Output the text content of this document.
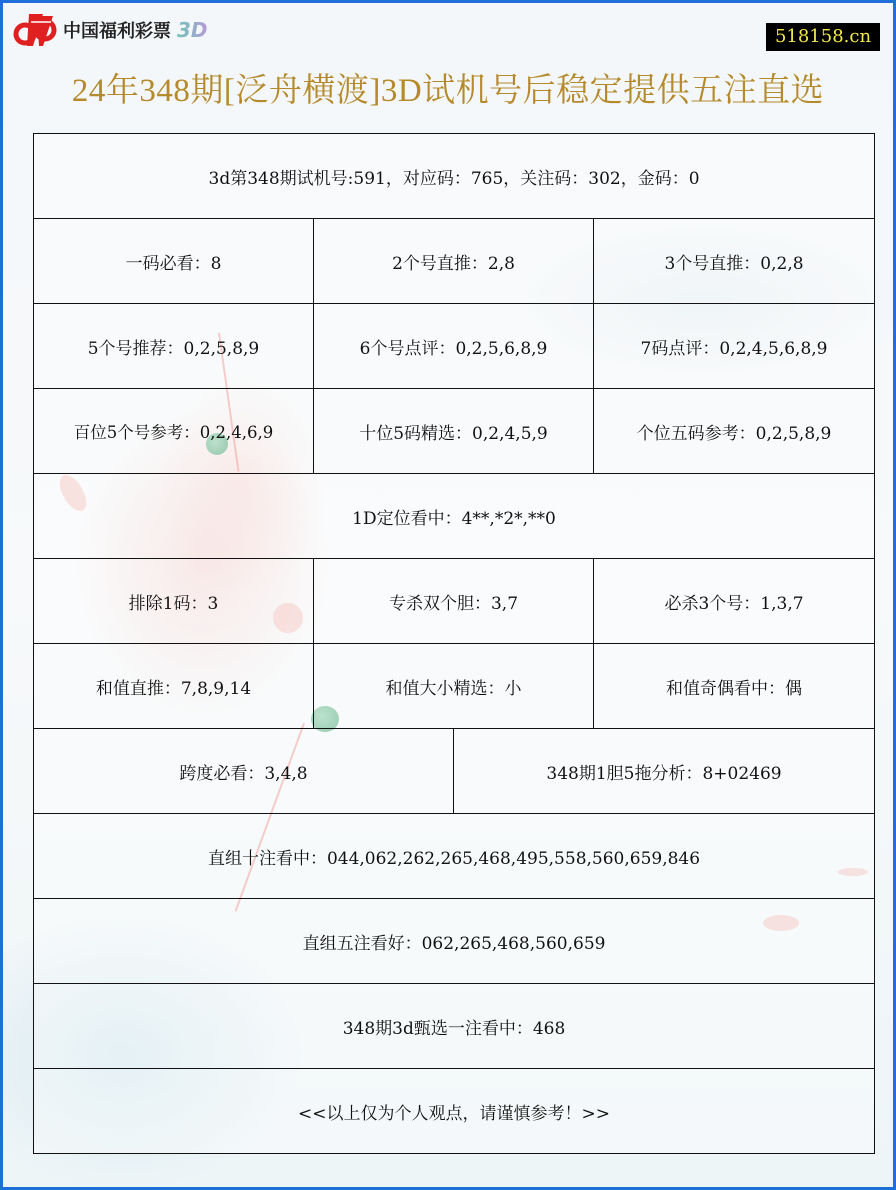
中国福利彩票 3D	518158.cn
24年348期[泛舟横渡]3D试机号后稳定提供五注直选
3d第348期试机号:591，对应码：765，关注码：302，金码：0			
一码必看：8	2个号直推：2,8		3个号直推：0,2,8
5个号推荐：0,2,5,8,9	6个号点评：0,2,5,6,8,9		7码点评：0,2,4,5,6,8,9
百位5个号参考：0,2,4,6,9	十位5码精选：0,2,4,5,9		个位五码参考：0,2,5,8,9
1D定位看中：4**,*2*,**0			
排除1码：3	专杀双个胆：3,7		必杀3个号：1,3,7
和值直推：7,8,9,14	和值大小精选：小		和值奇偶看中：偶
跨度必看：3,4,8		348期1胆5拖分析：8+02469	
直组十注看中：044,062,262,265,468,495,558,560,659,846			
直组五注看好：062,265,468,560,659			
348期3d甄选一注看中：468			
<<以上仅为个人观点，请谨慎参考！>>			
